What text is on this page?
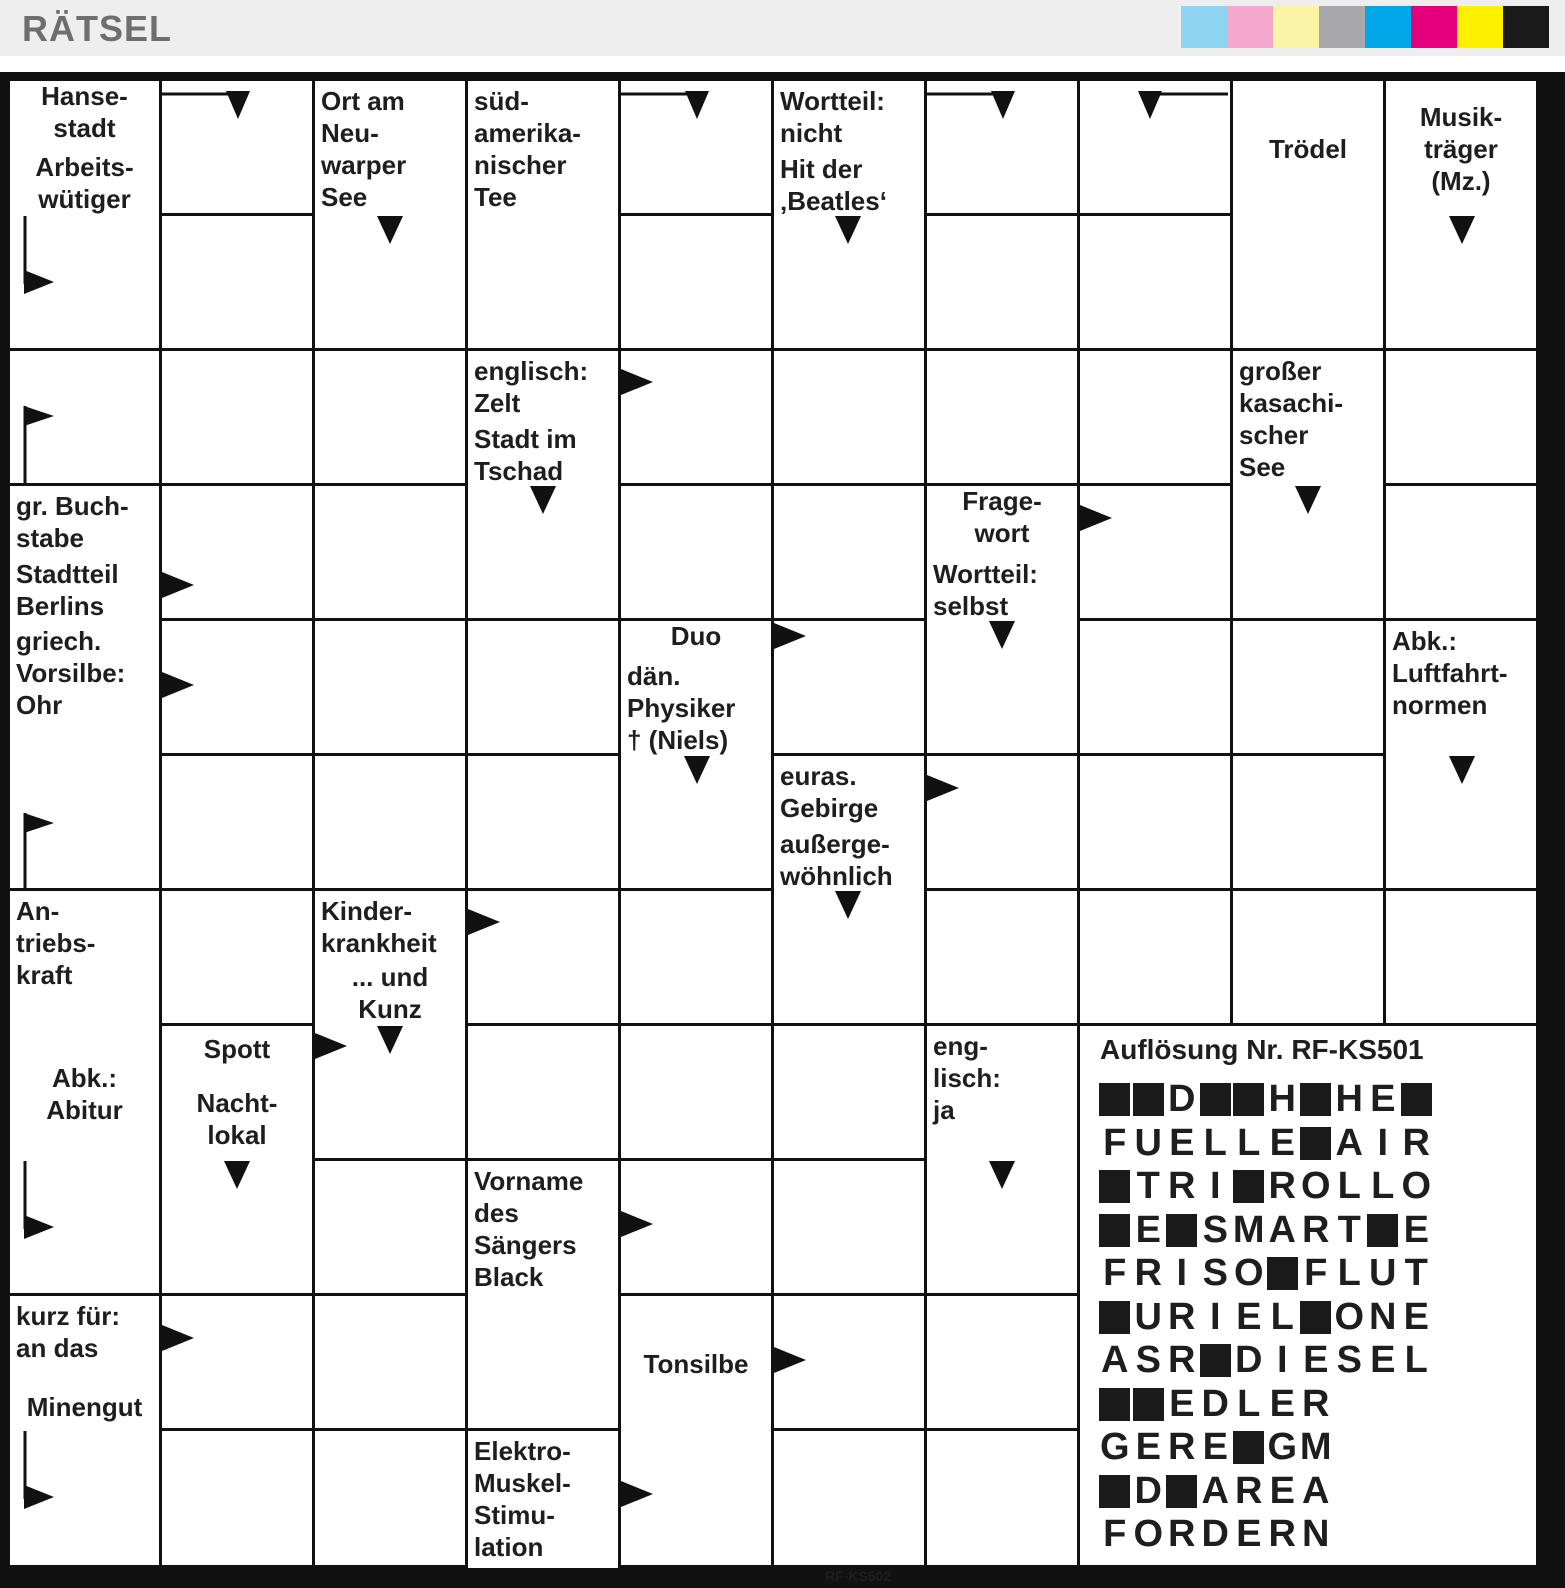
RÄTSEL
Hanse-
stadt
Arbeits-
wütiger
Ort am
Neu-
warper
See
süd-
amerika-
nischer
Tee
Wortteil:
nicht
Hit der
‚Beatles‘
Trödel
Musik-
träger
(Mz.)
englisch:
Zelt
Stadt im
Tschad
großer
kasachi-
scher
See
gr. Buch-
stabe
Stadtteil
Berlins
Frage-
wort
Wortteil:
selbst
griech.
Vorsilbe:
Ohr
Duo
dän.
Physiker
† (Niels)
Abk.:
Luftfahrt-
normen
euras.
Gebirge
außerge-
wöhnlich
An-
triebs-
kraft
Kinder-
krankheit
... und
Kunz
Abk.:
Abitur
Spott
Nacht-
lokal
eng-
lisch:
ja
Vorname
des
Sängers
Black
kurz für:
an das
Tonsilbe
Minengut
Elektro-
Muskel-
Stimu-
lation
Auflösung Nr. RF-KS501
D H H E
F U E L L E A I R
T R I	R O L L O
E S M A R T E
F R I S O F L U T
U R I E L O N E
A S R D I E S E L
E D L E R
G E R E G M
D A R E A
F O R D E R N
RF-KS502
